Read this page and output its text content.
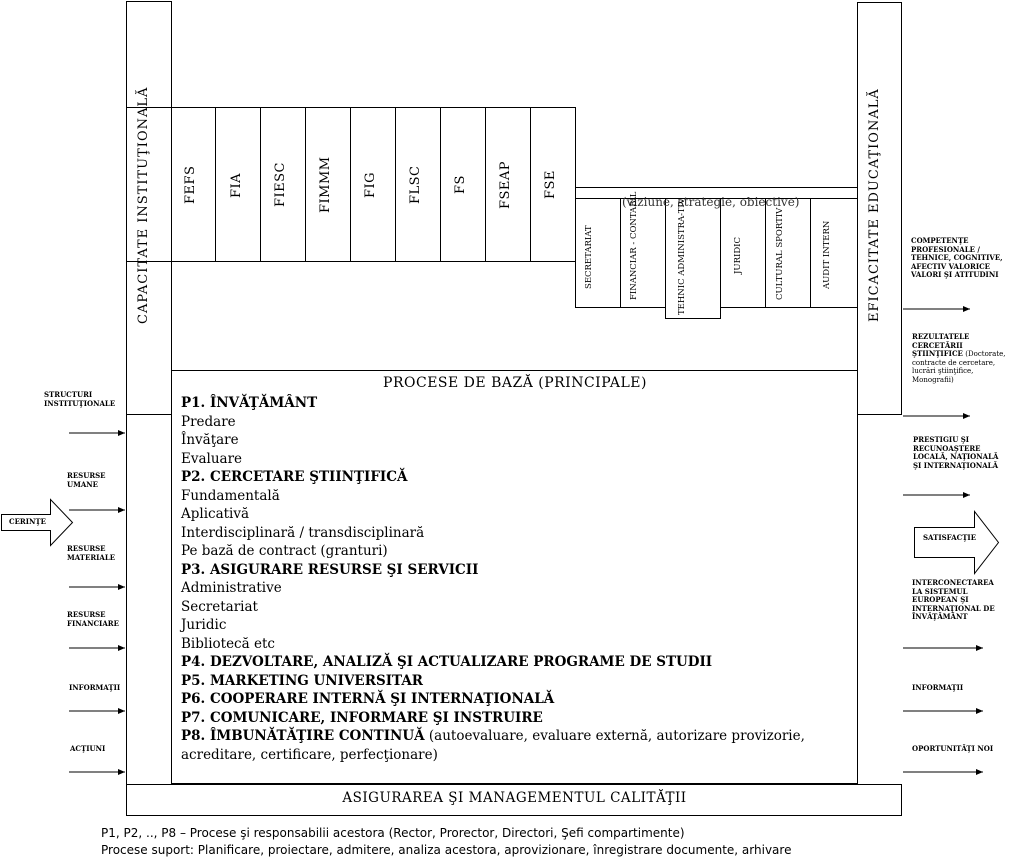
CAPACITATE INSTITUŢIONALĂ	EFICACITATE EDUCAŢIONALĂ
FEFS FIA FIESC FIMMM FIG FLSC FS FSEAP FSE
(viziune, strategie, obiective)
SECRETARIAT	FINANCIAR - CONTABIL	TEHNIC ADMINISTRA-TIV	JURIDIC	CULTURAL SPORTIV	AUDIT INTERN
CERINŢE
STRUCTURI INSTITUŢIONALE
RESURSE UMANE
RESURSE MATERIALE
RESURSE FINANCIARE
INFORMAŢII
ACŢIUNI
COMPETENŢE PROFESIONALE / TEHNICE, COGNITIVE, AFECTIV VALORICE VALORI ŞI ATITUDINI
REZULTATELE CERCETĂRII ŞTIINŢIFICE (Doctorate, contracte de cercetare, lucrări ştiinţifice, Monografii)
PRESTIGIU ŞI RECUNOAŞTERE LOCALĂ, NAŢIONALĂ ŞI INTERNAŢIONALĂ
SATISFACŢIE
INTERCONECTAREA LA SISTEMUL EUROPEAN ŞI INTERNAŢIONAL DE ÎNVĂŢĂMÂNT
INFORMAŢII
OPORTUNITĂŢI NOI
PROCESE DE BAZĂ (PRINCIPALE)
P1. ÎNVĂŢĂMÂNT
Predare
Învăţare
Evaluare
P2. CERCETARE ŞTIINŢIFICĂ
Fundamentală
Aplicativă
Interdisciplinară / transdisciplinară
Pe bază de contract (granturi)
P3. ASIGURARE RESURSE ŞI SERVICII
Administrative
Secretariat
Juridic
Bibliotecă etc
P4. DEZVOLTARE, ANALIZĂ ŞI ACTUALIZARE PROGRAME DE STUDII
P5. MARKETING UNIVERSITAR
P6. COOPERARE INTERNĂ ŞI INTERNAŢIONALĂ
P7. COMUNICARE, INFORMARE ŞI INSTRUIRE
P8. ÎMBUNĂTĂŢIRE CONTINUĂ (autoevaluare, evaluare externă, autorizare provizorie, acreditare, certificare, perfecţionare)
ASIGURAREA ŞI MANAGEMENTUL CALITĂŢII
P1, P2, .., P8 – Procese şi responsabilii acestora (Rector, Prorector, Directori, Şefi compartimente)
Procese suport: Planificare, proiectare, admitere, analiza acestora, aprovizionare, înregistrare documente, arhivare
